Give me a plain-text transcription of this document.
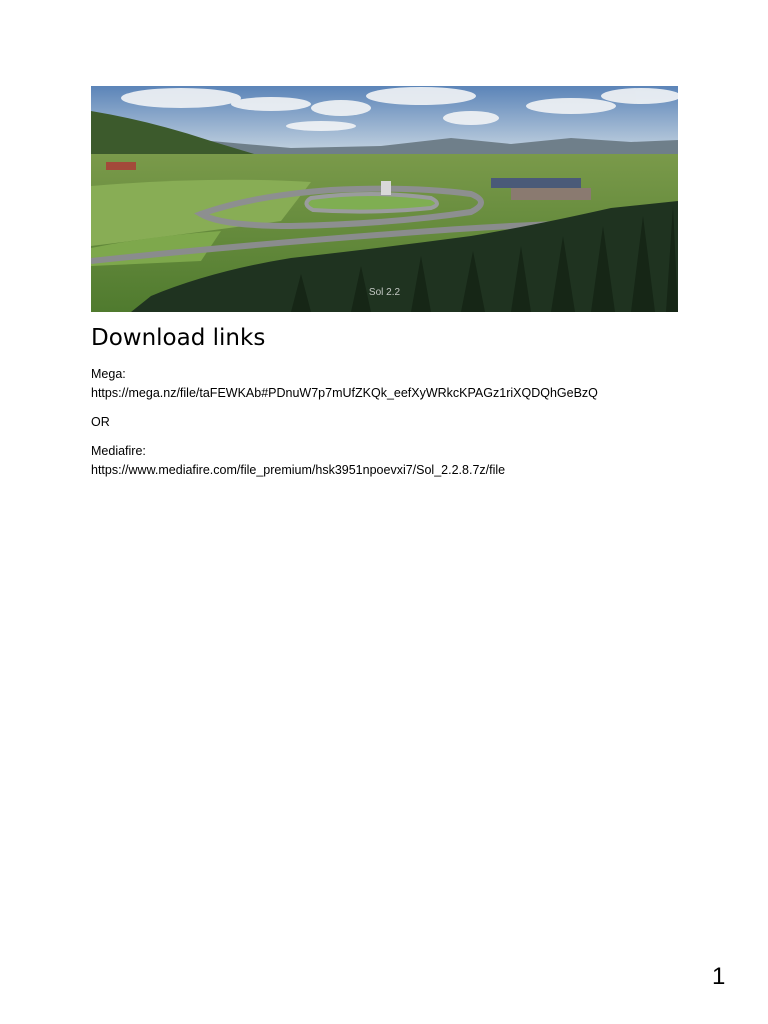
Sol 2.2
Download links
Mega:
https://mega.nz/file/taFEWKAb#PDnuW7p7mUfZKQk_eefXyWRkcKPAGz1riXQDQhGeBzQ
OR
Mediafire:
https://www.mediafire.com/file_premium/hsk3951npoevxi7/Sol_2.2.8.7z/file
1
